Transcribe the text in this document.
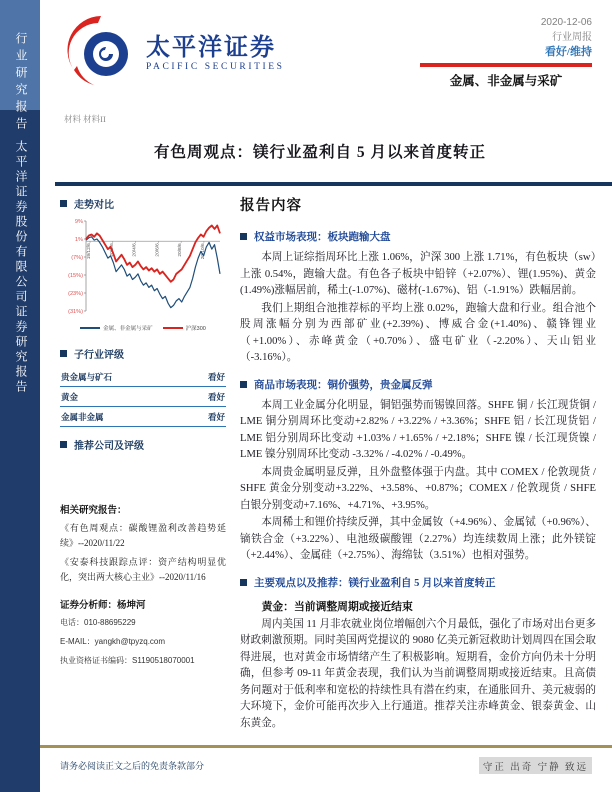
行业研究报告
太平洋证券股份有限公司证券研究报告
太平洋证券
PACIFIC SECURITIES
2020-12-06
行业周报
看好/维持
金属、非金属与采矿
材料 材料II
有色周观点：镁行业盈利自 5 月以来首度转正
走势对比
9%
1%
(7%)
(15%)
(23%)
(31%)
19/12/6	20/2/6	20/4/6	20/6/6	20/8/6	20/10/6
金属、非金属与采矿	沪深300
子行业评级
贵金属与矿石	看好
黄金	看好
金属非金属	看好
推荐公司及评级
相关研究报告：
《有色周观点：碳酸锂盈利改善趋势延续》--2020/11/22
《安泰科技跟踪点评：资产结构明显优化，突出两大核心主业》--2020/11/16
证券分析师：杨坤河
电话：010-88695229
E-MAIL：yangkh@tpyzq.com
执业资格证书编码：S1190518070001
报告内容
权益市场表现：板块跑输大盘

本周上证综指周环比上涨 1.06%，沪深 300 上涨 1.71%，有色板块（sw）上涨 0.54%，跑输大盘。有色各子板块中铅锌（+2.07%）、锂(1.95%)、黄金(1.49%)涨幅居前，稀土(-1.07%)、磁材(-1.67%)、铝（-1.91%）跌幅居前。

我们上期组合池推荐标的平均上涨 0.02%，跑输大盘和行业。组合池个股周涨幅分别为西部矿业(+2.39%)、博威合金(+1.40%)、赣锋锂业（+1.00%）、赤峰黄金（+0.70%）、盛屯矿业（-2.20%）、天山铝业（-3.16%）。

商品市场表现：铜价强势，贵金属反弹

本周工业金属分化明显，铜铝强势而锡镍回落。SHFE 铜 / 长江现货铜 / LME 铜分别周环比变动+2.82% / +3.22% / +3.36%；SHFE 铝 / 长江现货铝 / LME 铝分别周环比变动 +1.03% / +1.65% / +2.18%；SHFE 镍 / 长江现货镍 / LME 镍分别周环比变动 -3.32% / -4.02% / -0.49%。

本周贵金属明显反弹，且外盘整体强于内盘。其中 COMEX / 伦敦现货 / SHFE 黄金分别变动+3.22%、+3.58%、+0.87%；COMEX / 伦敦现货 / SHFE 白银分别变动+7.16%、+4.71%、+3.95%。

本周稀土和锂价持续反弹，其中金属钕（+4.96%）、金属铽（+0.96%）、镝铁合金（+3.22%）、电池级碳酸锂（2.27%）均连续数周上涨；此外镁锭（+2.44%）、金属硅（+2.75%）、海绵钛（3.51%）也相对强势。

主要观点以及推荐：镁行业盈利自 5 月以来首度转正
黄金：当前调整周期或接近结束

周内美国 11 月非农就业岗位增幅创六个月最低，强化了市场对出台更多财政刺激预期。同时美国两党提议的 9080 亿美元新冠救助计划周四在国会取得进展，也对黄金市场情绪产生了积极影响。短期看，金价方向仍未十分明确，但参考 09-11 年黄金表现，我们认为当前调整周期或接近结束。且高债务问题对于低利率和宽松的持续性具有潜在约束，在通胀回升、美元疲弱的大环境下，金价可能再次步入上行通道。推荐关注赤峰黄金、银泰黄金、山东黄金。

请务必阅读正文之后的免责条款部分	守正 出奇 宁静 致远
